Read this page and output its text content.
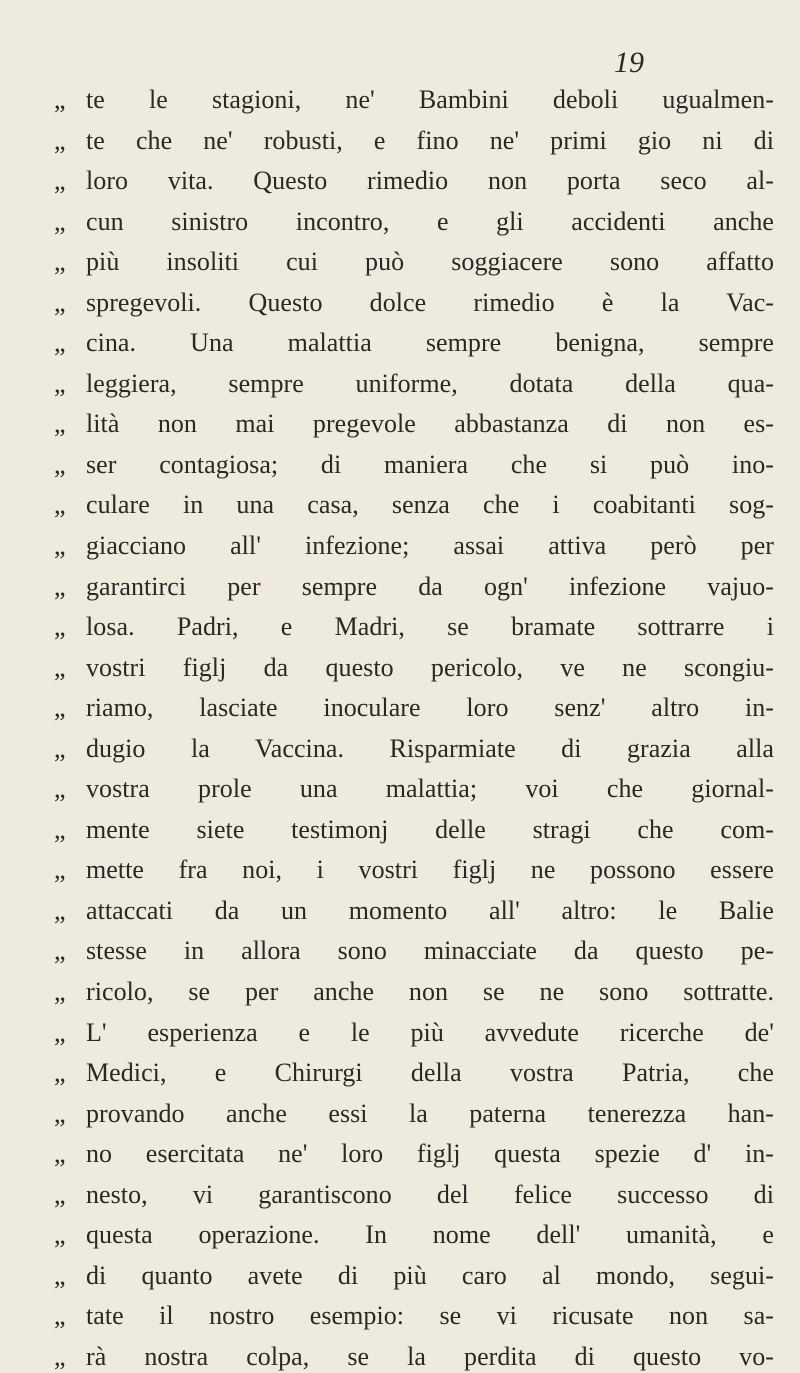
19
„ te le stagioni, ne' Bambini deboli ugualmen-
„ te che ne' robusti, e fino ne' primi gio ni di
„ loro vita. Questo rimedio non porta seco al-
„ cun sinistro incontro, e gli accidenti anche
„ più insoliti cui può soggiacere sono affatto
„ spregevoli. Questo dolce rimedio è la Vac-
„ cina. Una malattia sempre benigna, sempre
„ leggiera, sempre uniforme, dotata della qua-
„ lità non mai pregevole abbastanza di non es-
„ ser contagiosa; di maniera che si può ino-
„ culare in una casa, senza che i coabitanti sog-
„ giacciano all' infezione; assai attiva però per
„ garantirci per sempre da ogn' infezione vajuo-
„ losa. Padri, e Madri, se bramate sottrarre i
„ vostri figlj da questo pericolo, ve ne scongiu-
„ riamo, lasciate inoculare loro senz' altro in-
„ dugio la Vaccina. Risparmiate di grazia alla
„ vostra prole una malattia; voi che giornal-
„ mente siete testimonj delle stragi che com-
„ mette fra noi, i vostri figlj ne possono essere
„ attaccati da un momento all' altro: le Balie
„ stesse in allora sono minacciate da questo pe-
„ ricolo, se per anche non se ne sono sottratte.
„ L' esperienza e le più avvedute ricerche de'
„ Medici, e Chirurgi della vostra Patria, che
„ provando anche essi la paterna tenerezza han-
„ no esercitata ne' loro figlj questa spezie d' in-
„ nesto, vi garantiscono del felice successo di
„ questa operazione. In nome dell' umanità, e
„ di quanto avete di più caro al mondo, segui-
„ tate il nostro esempio: se vi ricusate non sa-
„ rà nostra colpa, se la perdita di questo vo-
